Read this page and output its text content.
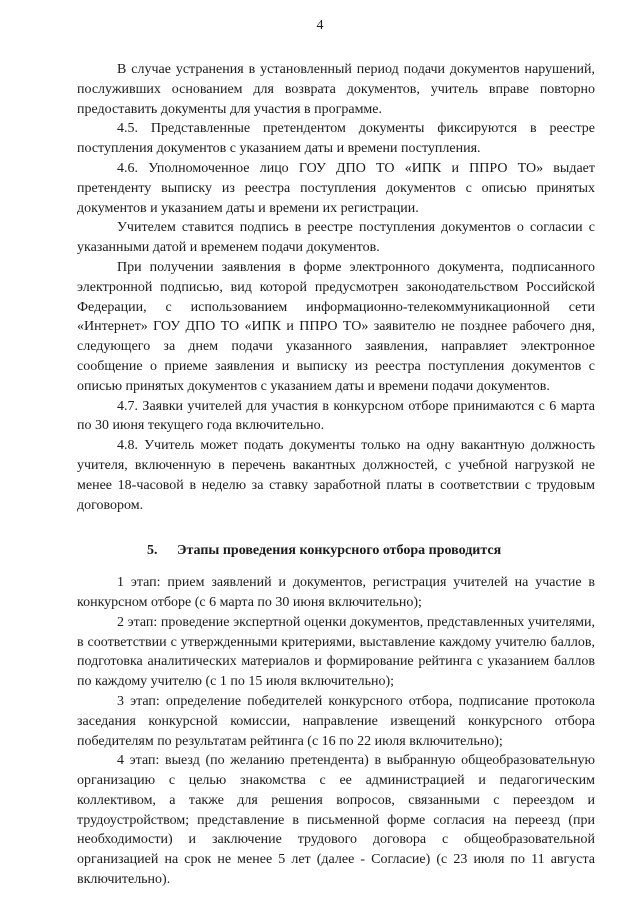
4

В случае устранения в установленный период подачи документов нарушений, послуживших основанием для возврата документов, учитель вправе повторно предоставить документы для участия в программе.

4.5. Представленные претендентом документы фиксируются в реестре поступления документов с указанием даты и времени поступления.

4.6. Уполномоченное лицо ГОУ ДПО ТО «ИПК и ППРО ТО» выдает претенденту выписку из реестра поступления документов с описью принятых документов и указанием даты и времени их регистрации.

Учителем ставится подпись в реестре поступления документов о согласии с указанными датой и временем подачи документов.

При получении заявления в форме электронного документа, подписанного электронной подписью, вид которой предусмотрен законодательством Российской Федерации, с использованием информационно-телекоммуникационной сети «Интернет» ГОУ ДПО ТО «ИПК и ППРО ТО» заявителю не позднее рабочего дня, следующего за днем подачи указанного заявления, направляет электронное сообщение о приеме заявления и выписку из реестра поступления документов с описью принятых документов с указанием даты и времени подачи документов.

4.7. Заявки учителей для участия в конкурсном отборе принимаются с 6 марта по 30 июня текущего года включительно.

4.8. Учитель может подать документы только на одну вакантную должность учителя, включенную в перечень вакантных должностей, с учебной нагрузкой не менее 18-часовой в неделю за ставку заработной платы в соответствии с трудовым договором.

5. Этапы проведения конкурсного отбора проводится

1 этап: прием заявлений и документов, регистрация учителей на участие в конкурсном отборе (с 6 марта по 30 июня включительно);

2 этап: проведение экспертной оценки документов, представленных учителями, в соответствии с утвержденными критериями, выставление каждому учителю баллов, подготовка аналитических материалов и формирование рейтинга с указанием баллов по каждому учителю (с 1 по 15 июля включительно);

3 этап: определение победителей конкурсного отбора, подписание протокола заседания конкурсной комиссии, направление извещений конкурсного отбора победителям по результатам рейтинга (с 16 по 22 июля включительно);

4 этап: выезд (по желанию претендента) в выбранную общеобразовательную организацию с целью знакомства с ее администрацией и педагогическим коллективом, а также для решения вопросов, связанными с переездом и трудоустройством; представление в письменной форме согласия на переезд (при необходимости) и заключение трудового договора с общеобразовательной организацией на срок не менее 5 лет (далее - Согласие) (с 23 июля по 11 августа включительно).
